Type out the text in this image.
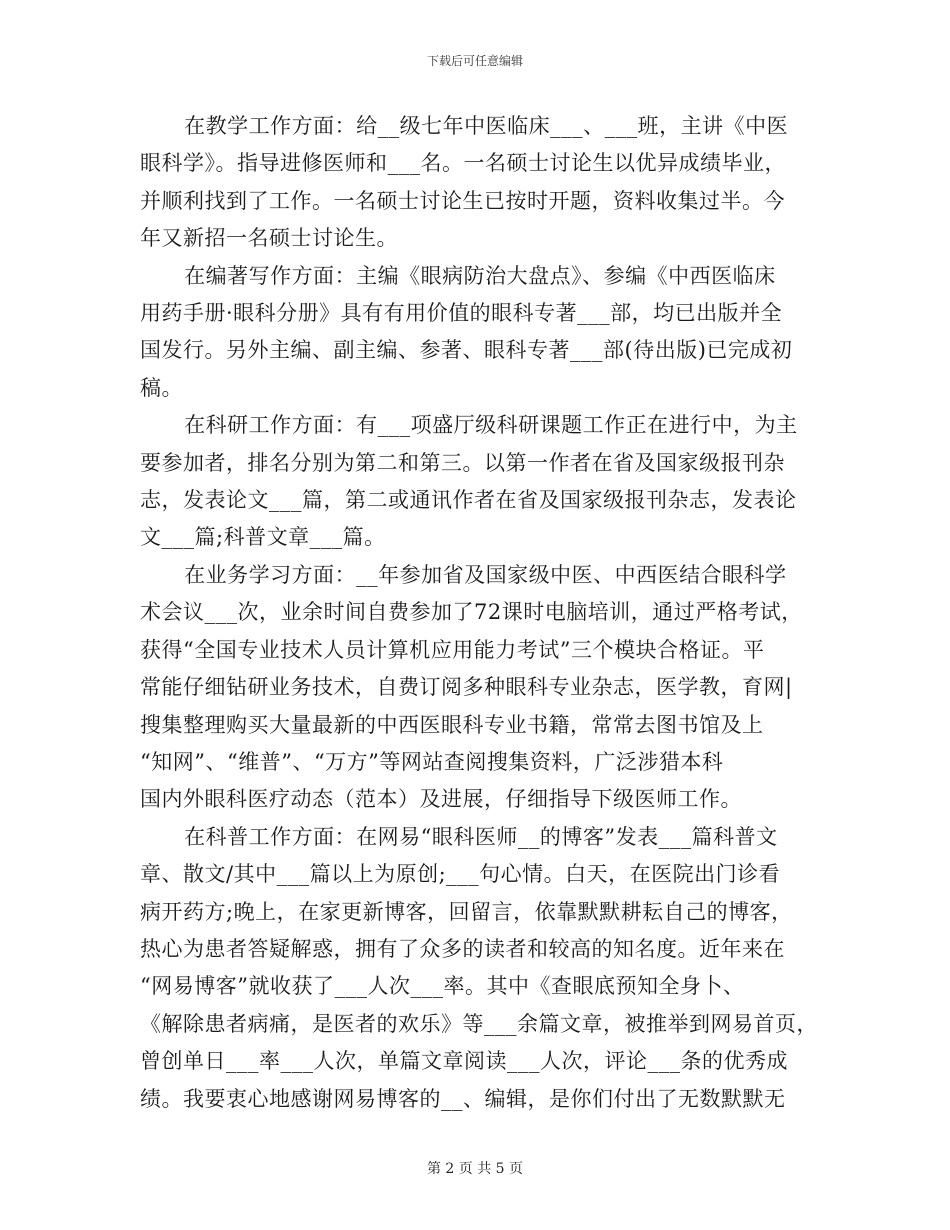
下载后可任意编辑

在教学工作方面：给__级七年中医临床___、___班，主讲《中医
眼科学》。指导进修医师和___名。一名硕士讨论生以优异成绩毕业，
并顺利找到了工作。一名硕士讨论生已按时开题，资料收集过半。今
年又新招一名硕士讨论生。

在编著写作方面：主编《眼病防治大盘点》、参编《中西医临床
用药手册·眼科分册》具有有用价值的眼科专著___部，均已出版并全
国发行。另外主编、副主编、参著、眼科专著___部(待出版)已完成初
稿。

在科研工作方面：有___项盛厅级科研课题工作正在进行中，为主
要参加者，排名分别为第二和第三。以第一作者在省及国家级报刊杂
志，发表论文___篇，第二或通讯作者在省及国家级报刊杂志，发表论
文___篇;科普文章___篇。

在业务学习方面：__年参加省及国家级中医、中西医结合眼科学
术会议___次，业余时间自费参加了72课时电脑培训，通过严格考试，
获得“全国专业技术人员计算机应用能力考试”三个模块合格证。平
常能仔细钻研业务技术，自费订阅多种眼科专业杂志，医学教，育网|
搜集整理购买大量最新的中西医眼科专业书籍，常常去图书馆及上
“知网”、“维普”、“万方”等网站查阅搜集资料，广泛涉猎本科
国内外眼科医疗动态（范本）及进展，仔细指导下级医师工作。

在科普工作方面：在网易“眼科医师__的博客”发表___篇科普文
章、散文/其中___篇以上为原创;___句心情。白天，在医院出门诊看
病开药方;晚上，在家更新博客，回留言，依靠默默耕耘自己的博客，
热心为患者答疑解惑，拥有了众多的读者和较高的知名度。近年来在
“网易博客”就收获了___人次___率。其中《查眼底预知全身卜、
《解除患者病痛，是医者的欢乐》等___余篇文章，被推举到网易首页，
曾创单日___率___人次，单篇文章阅读___人次，评论___条的优秀成
绩。我要衷心地感谢网易博客的__、编辑，是你们付出了无数默默无

第 2 页 共 5 页
